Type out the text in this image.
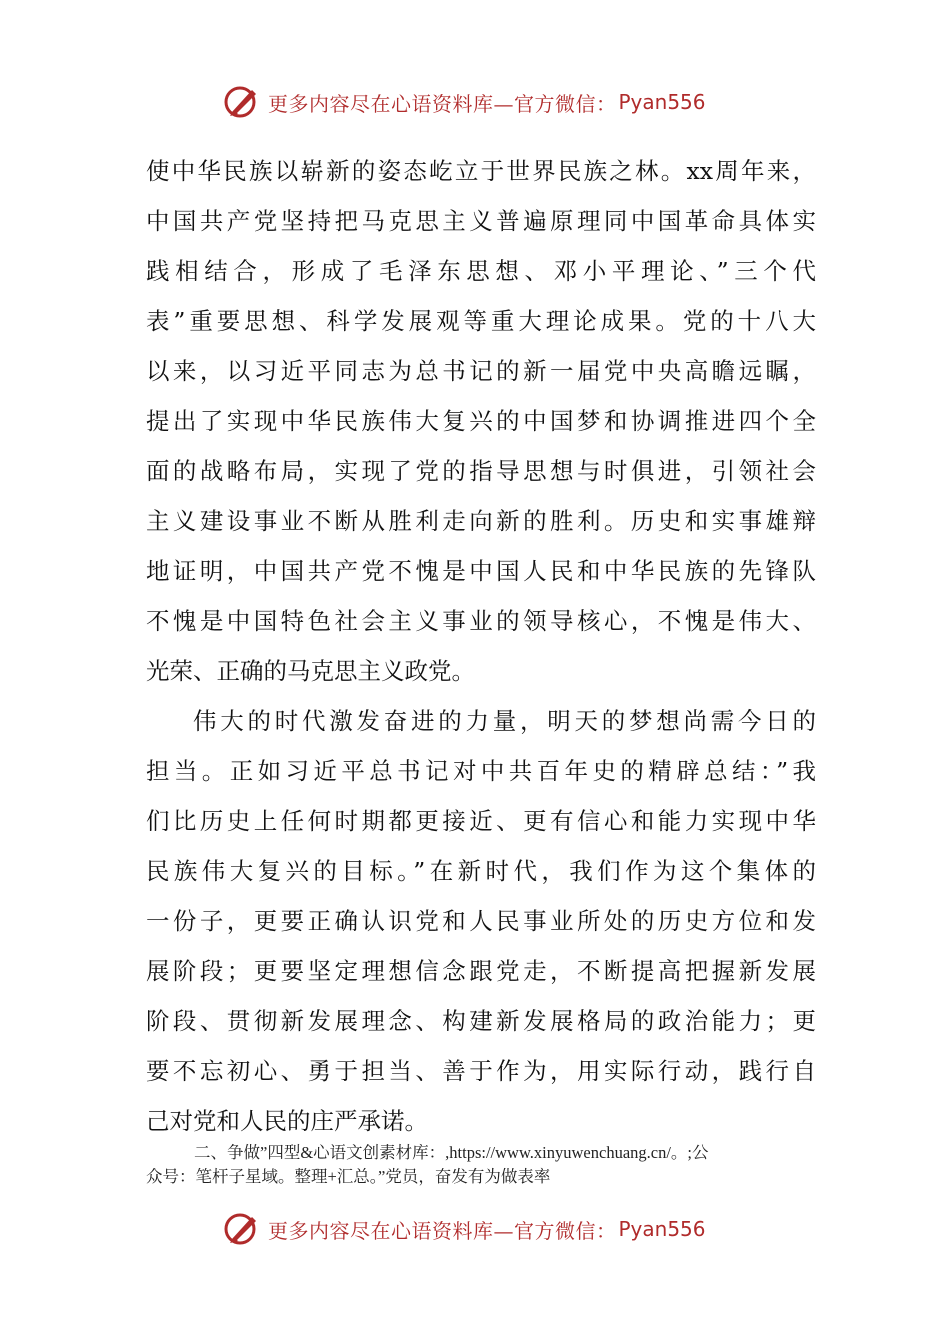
更多内容尽在心语资料库—官方微信： Pyan556
使中华民族以崭新的姿态屹立于世界民族之林。xx周年来，
中国共产党坚持把马克思主义普遍原理同中国革命具体实
践相结合，形成了毛泽东思想、邓小平理论、”三个代
表”重要思想、科学发展观等重大理论成果。党的十八大
以来，以习近平同志为总书记的新一届党中央高瞻远瞩，
提出了实现中华民族伟大复兴的中国梦和协调推进四个全
面的战略布局，实现了党的指导思想与时俱进，引领社会
主义建设事业不断从胜利走向新的胜利。历史和实事雄辩
地证明，中国共产党不愧是中国人民和中华民族的先锋队
不愧是中国特色社会主义事业的领导核心，不愧是伟大、
光荣、正确的马克思主义政党。
伟大的时代激发奋进的力量，明天的梦想尚需今日的
担当。正如习近平总书记对中共百年史的精辟总结：”我
们比历史上任何时期都更接近、更有信心和能力实现中华
民族伟大复兴的目标。”在新时代，我们作为这个集体的
一份子，更要正确认识党和人民事业所处的历史方位和发
展阶段；更要坚定理想信念跟党走，不断提高把握新发展
阶段、贯彻新发展理念、构建新发展格局的政治能力；更
要不忘初心、勇于担当、善于作为，用实际行动，践行自
己对党和人民的庄严承诺。
二、争做”四型&心语文创素材库：,https://www.xinyuwenchuang.cn/。;公
众号：笔杆子星域。整理+汇总。”党员，奋发有为做表率
更多内容尽在心语资料库—官方微信： Pyan556
